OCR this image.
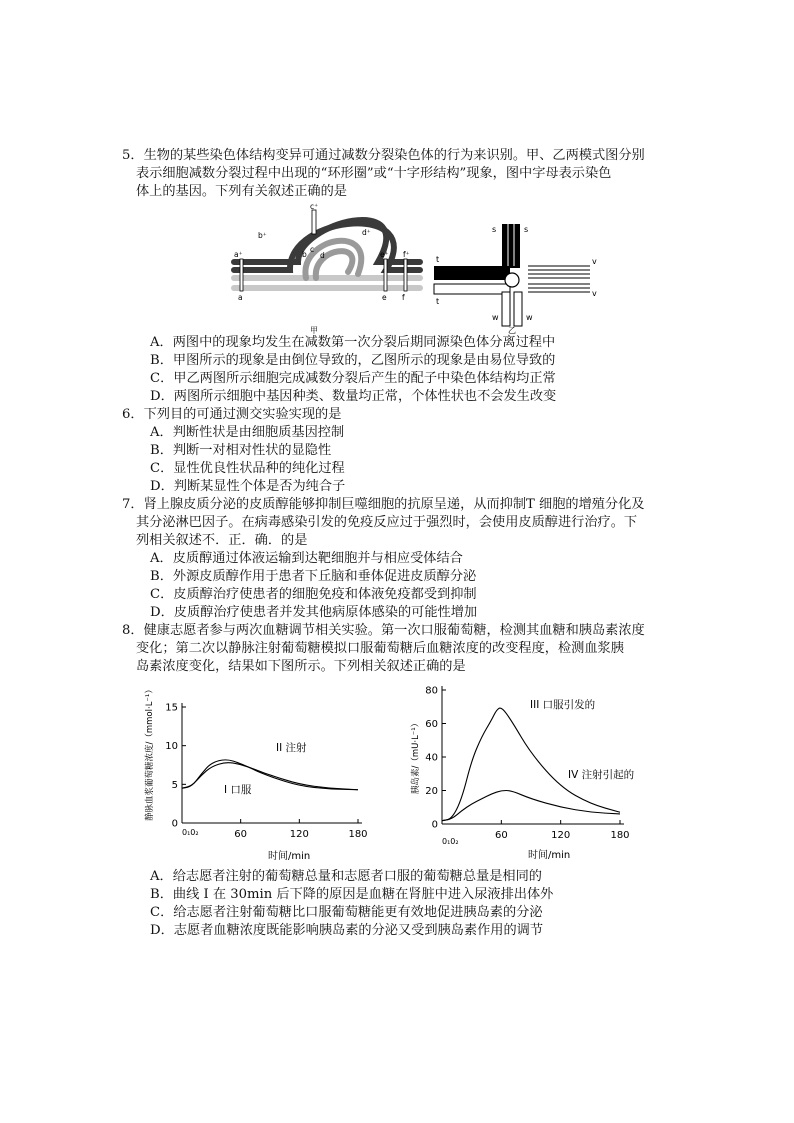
5．生物的某些染色体结构变异可通过减数分裂染色体的行为来识别。甲、乙两模式图分别
表示细胞减数分裂过程中出现的“环形圈”或“十字形结构”现象，图中字母表示染色
体上的基因。下列有关叙述正确的是
a⁺
b⁺
c⁺
d⁺
e⁺ f⁺
a
b
c
d
e f
甲
s	s
t
t
v
v
w	w
乙
A．两图中的现象均发生在减数第一次分裂后期同源染色体分离过程中
B．甲图所示的现象是由倒位导致的，乙图所示的现象是由易位导致的
C．甲乙两图所示细胞完成减数分裂后产生的配子中染色体结构均正常
D．两图所示细胞中基因种类、数量均正常，个体性状也不会发生改变
6．下列目的可通过测交实验实现的是
A．判断性状是由细胞质基因控制
B．判断一对相对性状的显隐性
C．显性优良性状品种的纯化过程
D．判断某显性个体是否为纯合子
7．肾上腺皮质分泌的皮质醇能够抑制巨噬细胞的抗原呈递，从而抑制T 细胞的增殖分化及
其分泌淋巴因子。在病毒感染引发的免疫反应过于强烈时，会使用皮质醇进行治疗。下
列相关叙述不．正．确．的是
A．皮质醇通过体液运输到达靶细胞并与相应受体结合
B．外源皮质醇作用于患者下丘脑和垂体促进皮质醇分泌
C．皮质醇治疗使患者的细胞免疫和体液免疫都受到抑制
D．皮质醇治疗使患者并发其他病原体感染的可能性增加
8．健康志愿者参与两次血糖调节相关实验。第一次口服葡萄糖，检测其血糖和胰岛素浓度
变化；第二次以静脉注射葡萄糖模拟口服葡萄糖后血糖浓度的改变程度，检测血浆胰
岛素浓度变化，结果如下图所示。下列相关叙述正确的是
0
5
10
15
60	120	180
静脉血浆葡萄糖浓度/（mmol·L⁻¹）
时间/min
0₁0₂
II 注射
I 口服
0
20
40
60
80
60	120	180
胰岛素/（mU·L⁻¹）
时间/min
0₁0₂
III 口服引发的
IV 注射引起的
A．给志愿者注射的葡萄糖总量和志愿者口服的葡萄糖总量是相同的
B．曲线 I 在 30min 后下降的原因是血糖在肾脏中进入尿液排出体外
C．给志愿者注射葡萄糖比口服葡萄糖能更有效地促进胰岛素的分泌
D．志愿者血糖浓度既能影响胰岛素的分泌又受到胰岛素作用的调节
